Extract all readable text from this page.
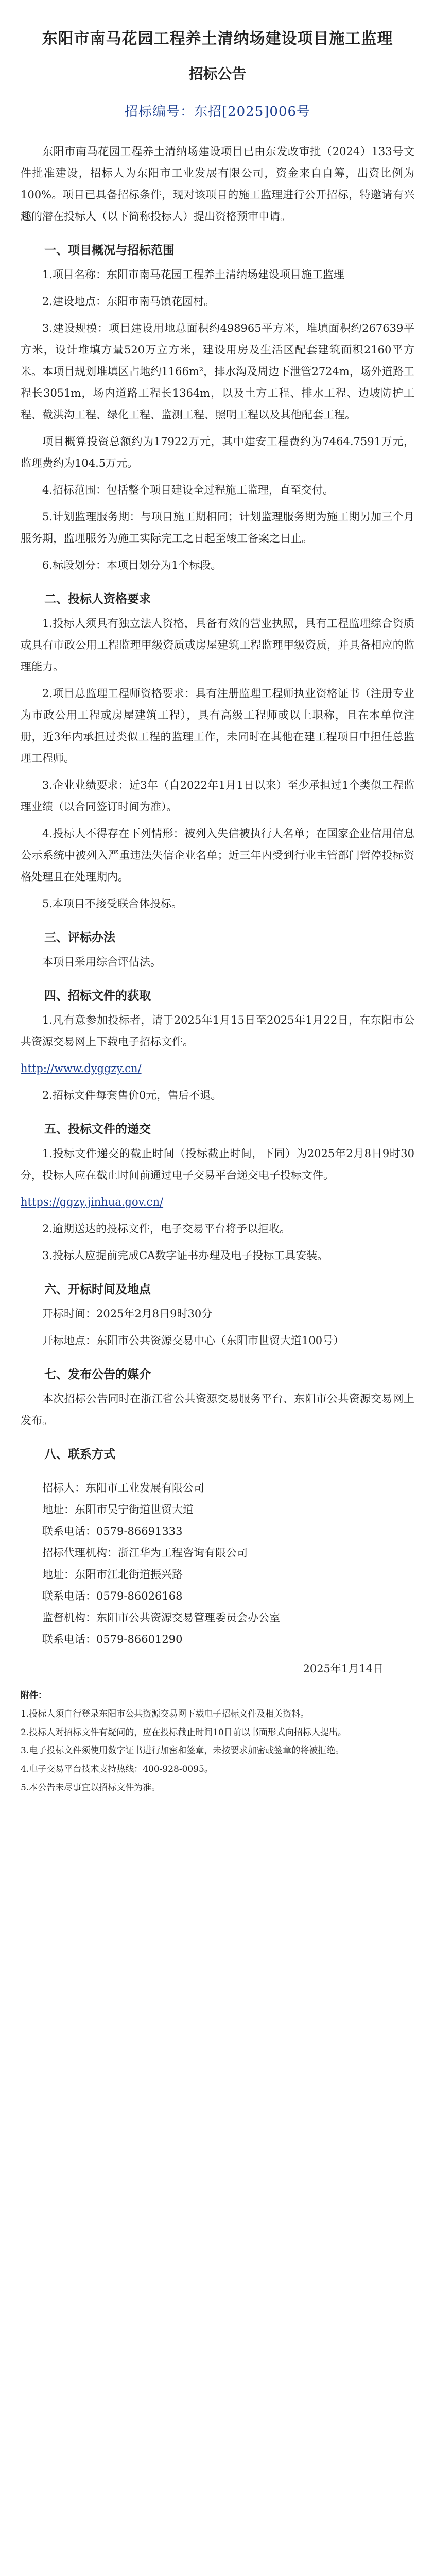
东阳市南马花园工程养土清纳场建设项目施工监理
招标公告
招标编号：东招[2025]006号

东阳市南马花园工程养土清纳场建设项目已由东发改审批（2024）133号文件批准建设，招标人为东阳市工业发展有限公司，资金来自自筹，出资比例为100%。项目已具备招标条件，现对该项目的施工监理进行公开招标，特邀请有兴趣的潜在投标人（以下简称投标人）提出资格预审申请。

一、项目概况与招标范围

1.项目名称：东阳市南马花园工程养土清纳场建设项目施工监理

2.建设地点：东阳市南马镇花园村。

3.建设规模：项目建设用地总面积约498965平方米，堆填面积约267639平方米，设计堆填方量520万立方米，建设用房及生活区配套建筑面积2160平方米。本项目规划堆填区占地约1166m²，排水沟及周边下泄管2724m，场外道路工程长3051m，场内道路工程长1364m，以及土方工程、排水工程、边坡防护工程、截洪沟工程、绿化工程、监测工程、照明工程以及其他配套工程。

项目概算投资总额约为17922万元，其中建安工程费约为7464.7591万元，监理费约为104.5万元。

4.招标范围：包括整个项目建设全过程施工监理，直至交付。

5.计划监理服务期：与项目施工期相同；计划监理服务期为施工期另加三个月服务期，监理服务为施工实际完工之日起至竣工备案之日止。

6.标段划分：本项目划分为1个标段。

二、投标人资格要求

1.投标人须具有独立法人资格，具备有效的营业执照，具有工程监理综合资质或具有市政公用工程监理甲级资质或房屋建筑工程监理甲级资质，并具备相应的监理能力。

2.项目总监理工程师资格要求：具有注册监理工程师执业资格证书（注册专业为市政公用工程或房屋建筑工程），具有高级工程师或以上职称，且在本单位注册，近3年内承担过类似工程的监理工作，未同时在其他在建工程项目中担任总监理工程师。

3.企业业绩要求：近3年（自2022年1月1日以来）至少承担过1个类似工程监理业绩（以合同签订时间为准）。

4.投标人不得存在下列情形：被列入失信被执行人名单；在国家企业信用信息公示系统中被列入严重违法失信企业名单；近三年内受到行业主管部门暂停投标资格处理且在处理期内。

5.本项目不接受联合体投标。

三、评标办法

本项目采用综合评估法。

四、招标文件的获取

1.凡有意参加投标者，请于2025年1月15日至2025年1月22日，在东阳市公共资源交易网上下载电子招标文件。

http://www.dyggzy.cn/

2.招标文件每套售价0元，售后不退。

五、投标文件的递交

1.投标文件递交的截止时间（投标截止时间，下同）为2025年2月8日9时30分，投标人应在截止时间前通过电子交易平台递交电子投标文件。

https://ggzy.jinhua.gov.cn/

2.逾期送达的投标文件，电子交易平台将予以拒收。

3.投标人应提前完成CA数字证书办理及电子投标工具安装。

六、开标时间及地点

开标时间：2025年2月8日9时30分

开标地点：东阳市公共资源交易中心（东阳市世贸大道100号）

七、发布公告的媒介

本次招标公告同时在浙江省公共资源交易服务平台、东阳市公共资源交易网上发布。

八、联系方式
招标人：东阳市工业发展有限公司
地址：东阳市吴宁街道世贸大道
联系电话：0579-86691333
招标代理机构：浙江华为工程咨询有限公司
地址：东阳市江北街道振兴路
联系电话：0579-86026168
监督机构：东阳市公共资源交易管理委员会办公室
联系电话：0579-86601290
2025年1月14日

附件：

1.投标人须自行登录东阳市公共资源交易网下载电子招标文件及相关资料。

2.投标人对招标文件有疑问的，应在投标截止时间10日前以书面形式向招标人提出。

3.电子投标文件须使用数字证书进行加密和签章，未按要求加密或签章的将被拒绝。

4.电子交易平台技术支持热线：400-928-0095。

5.本公告未尽事宜以招标文件为准。
